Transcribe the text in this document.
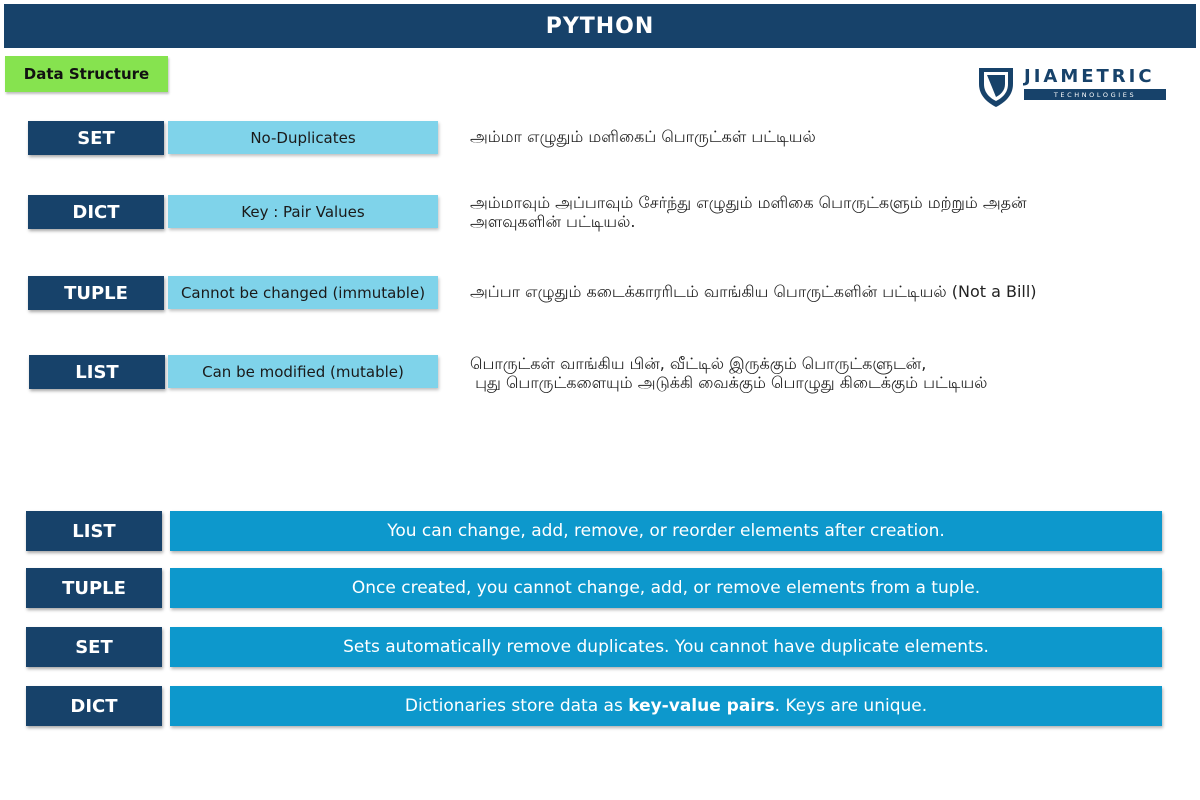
PYTHON
Data Structure	JIAMETRIC
TECHNOLOGIES
SET	No-Duplicates	அம்மா எழுதும் மளிகைப் பொருட்கள் பட்டியல்
DICT	Key : Pair Values	அம்மாவும் அப்பாவும் சேர்ந்து எழுதும் மளிகை பொருட்களும் மற்றும் அதன்
அளவுகளின் பட்டியல்.
TUPLE	Cannot be changed (immutable)	அப்பா எழுதும் கடைக்காரரிடம் வாங்கிய பொருட்களின் பட்டியல் (Not a Bill)
LIST	Can be modified (mutable)	பொருட்கள் வாங்கிய பின், வீட்டில் இருக்கும் பொருட்களுடன்,
புது பொருட்களையும் அடுக்கி வைக்கும் பொழுது கிடைக்கும் பட்டியல்
LIST	You can change, add, remove, or reorder elements after creation.
TUPLE	Once created, you cannot change, add, or remove elements from a tuple.
SET	Sets automatically remove duplicates. You cannot have duplicate elements.
DICT	Dictionaries store data as key-value pairs . Keys are unique.
